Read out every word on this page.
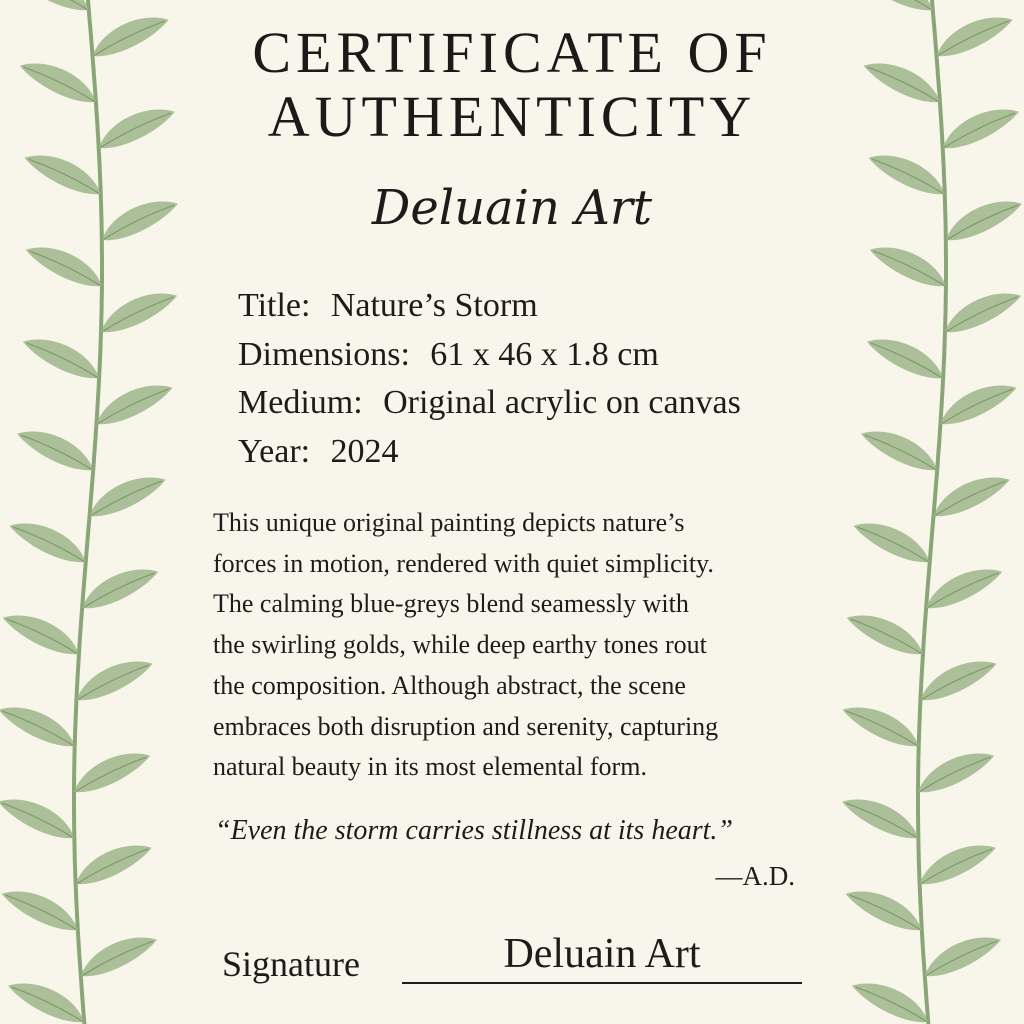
CERTIFICATE OF
AUTHENTICITY
Deluain Art
Title: Nature’s Storm
Dimensions: 61 x 46 x 1.8 cm
Medium: Original acrylic on canvas
Year: 2024
This unique original painting depicts nature’s
forces in motion, rendered with quiet simplicity.
The calming blue-greys blend seamessly with
the swirling golds, while deep earthy tones rout
the composition. Although abstract, the scene
embraces both disruption and serenity, capturing
natural beauty in its most elemental form.
“Even the storm carries stillness at its heart.”
—A.D.
Signature	Deluain Art
